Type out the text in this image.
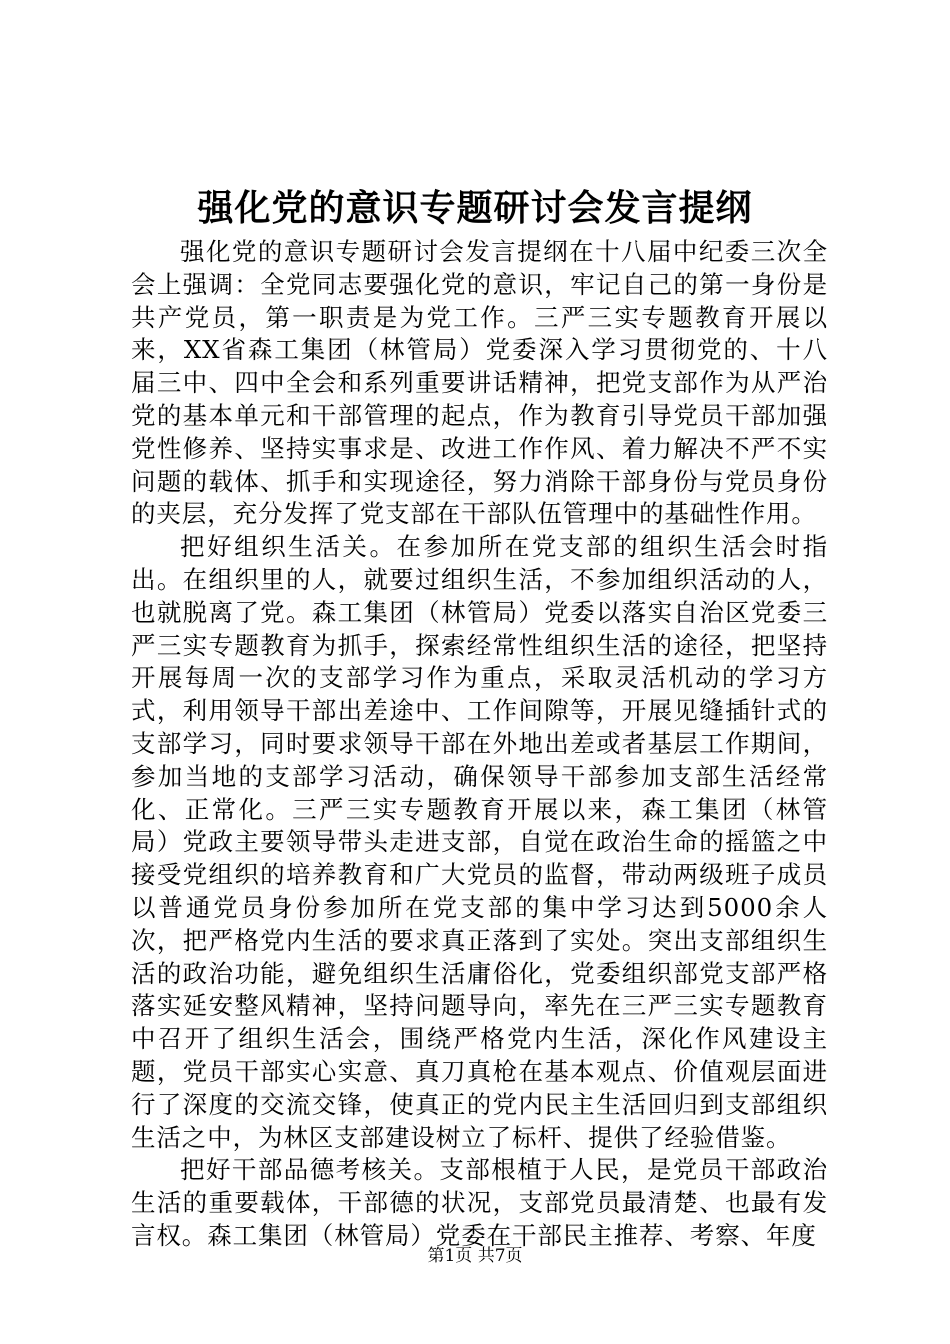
强化党的意识专题研讨会发言提纲

强化党的意识专题研讨会发言提纲在十八届中纪委三次全会上强调：全党同志要强化党的意识，牢记自己的第一身份是共产党员，第一职责是为党工作。三严三实专题教育开展以来，XX省森工集团（林管局）党委深入学习贯彻党的、十八届三中、四中全会和系列重要讲话精神，把党支部作为从严治党的基本单元和干部管理的起点，作为教育引导党员干部加强党性修养、坚持实事求是、改进工作作风、着力解决不严不实问题的载体、抓手和实现途径，努力消除干部身份与党员身份的夹层，充分发挥了党支部在干部队伍管理中的基础性作用。

把好组织生活关。在参加所在党支部的组织生活会时指出。在组织里的人，就要过组织生活，不参加组织活动的人，也就脱离了党。森工集团（林管局）党委以落实自治区党委三严三实专题教育为抓手，探索经常性组织生活的途径，把坚持开展每周一次的支部学习作为重点，采取灵活机动的学习方式，利用领导干部出差途中、工作间隙等，开展见缝插针式的支部学习，同时要求领导干部在外地出差或者基层工作期间，参加当地的支部学习活动，确保领导干部参加支部生活经常化、正常化。三严三实专题教育开展以来，森工集团（林管局）党政主要领导带头走进支部，自觉在政治生命的摇篮之中接受党组织的培养教育和广大党员的监督，带动两级班子成员以普通党员身份参加所在党支部的集中学习达到5000余人次，把严格党内生活的要求真正落到了实处。突出支部组织生活的政治功能，避免组织生活庸俗化，党委组织部党支部严格落实延安整风精神，坚持问题导向，率先在三严三实专题教育中召开了组织生活会，围绕严格党内生活，深化作风建设主题，党员干部实心实意、真刀真枪在基本观点、价值观层面进行了深度的交流交锋，使真正的党内民主生活回归到支部组织生活之中，为林区支部建设树立了标杆、提供了经验借鉴。

把好干部品德考核关。支部根植于人民，是党员干部政治生活的重要载体，干部德的状况，支部党员最清楚、也最有发言权。森工集团（林管局）党委在干部民主推荐、考察、年度

第1页 共7页
